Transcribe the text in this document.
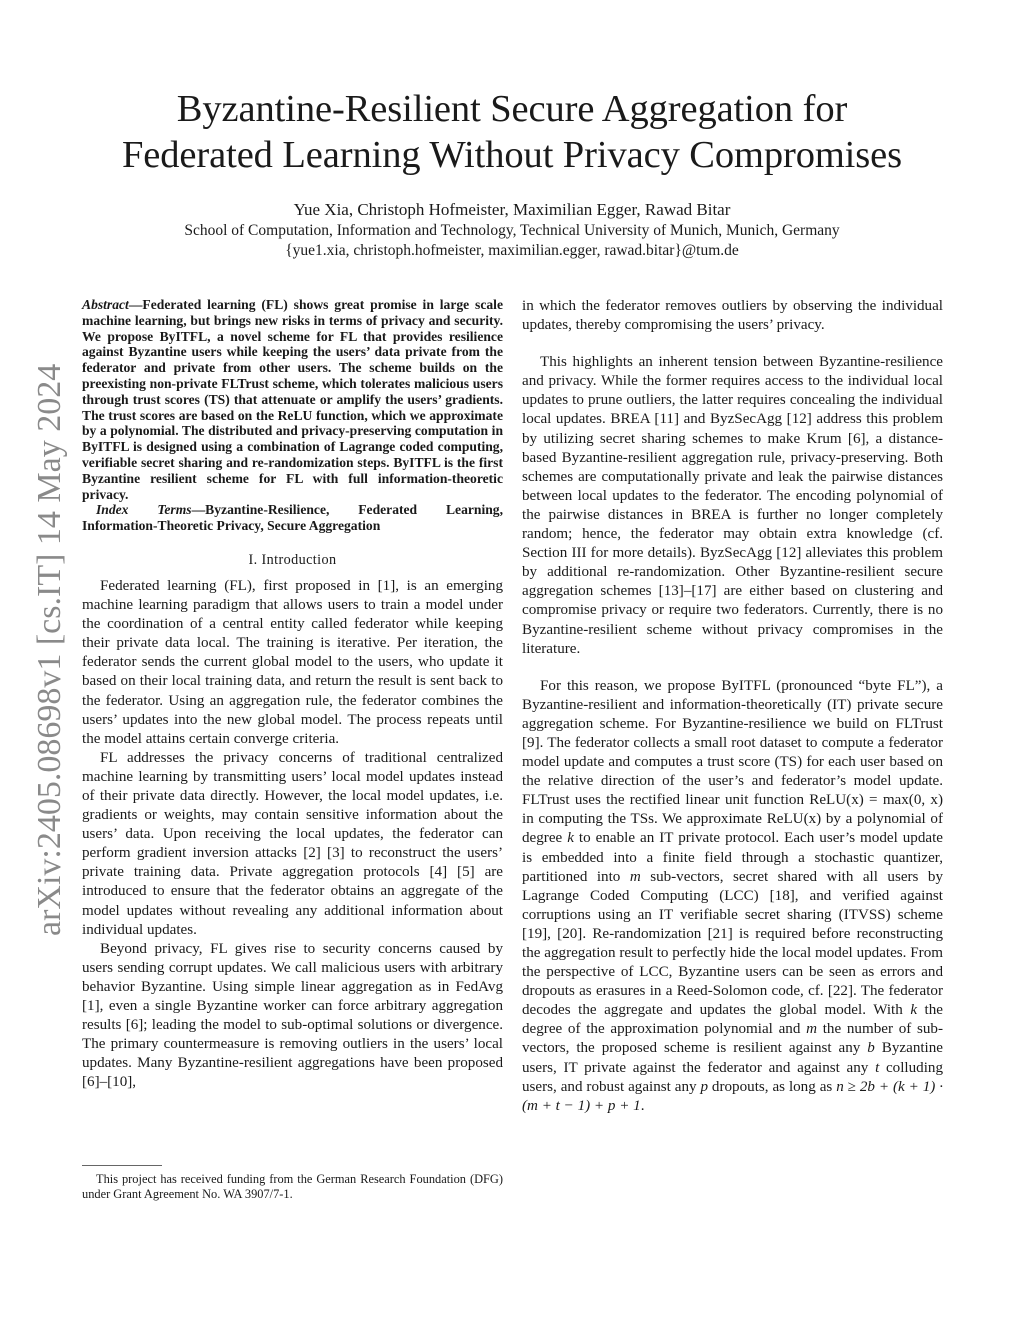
arXiv:2405.08698v1 [cs.IT] 14 May 2024
Byzantine-Resilient Secure Aggregation for
Federated Learning Without Privacy Compromises
Yue Xia, Christoph Hofmeister, Maximilian Egger, Rawad Bitar
School of Computation, Information and Technology, Technical University of Munich, Munich, Germany
{yue1.xia, christoph.hofmeister, maximilian.egger, rawad.bitar}@tum.de

Abstract—Federated learning (FL) shows great promise in large scale machine learning, but brings new risks in terms of privacy and security. We propose ByITFL, a novel scheme for FL that provides resilience against Byzantine users while keeping the users’ data private from the federator and private from other users. The scheme builds on the preexisting non-private FLTrust scheme, which tolerates malicious users through trust scores (TS) that attenuate or amplify the users’ gradients. The trust scores are based on the ReLU function, which we approximate by a polynomial. The distributed and privacy-preserving computation in ByITFL is designed using a combination of Lagrange coded computing, verifiable secret sharing and re-randomization steps. ByITFL is the first Byzantine resilient scheme for FL with full information-theoretic privacy.

Index Terms—Byzantine-Resilience, Federated Learning, Information-Theoretic Privacy, Secure Aggregation

I. Introduction

Federated learning (FL), first proposed in [1], is an emerging machine learning paradigm that allows users to train a model under the coordination of a central entity called federator while keeping their private data local. The training is iterative. Per iteration, the federator sends the current global model to the users, who update it based on their local training data, and return the result is sent back to the federator. Using an aggregation rule, the federator combines the users’ updates into the new global model. The process repeats until the model attains certain converge criteria.

FL addresses the privacy concerns of traditional centralized machine learning by transmitting users’ local model updates instead of their private data directly. However, the local model updates, i.e. gradients or weights, may contain sensitive information about the users’ data. Upon receiving the local updates, the federator can perform gradient inversion attacks [2] [3] to reconstruct the users’ private training data. Private aggregation protocols [4] [5] are introduced to ensure that the federator obtains an aggregate of the model updates without revealing any additional information about individual updates.

Beyond privacy, FL gives rise to security concerns caused by users sending corrupt updates. We call malicious users with arbitrary behavior Byzantine. Using simple linear aggregation as in FedAvg [1], even a single Byzantine worker can force arbitrary aggregation results [6]; leading the model to sub-optimal solutions or divergence. The primary countermeasure is removing outliers in the users’ local updates. Many Byzantine-resilient aggregations have been proposed [6]–[10],

in which the federator removes outliers by observing the individual updates, thereby compromising the users’ privacy.

This highlights an inherent tension between Byzantine-resilience and privacy. While the former requires access to the individual local updates to prune outliers, the latter requires concealing the individual local updates. BREA [11] and ByzSecAgg [12] address this problem by utilizing secret sharing schemes to make Krum [6], a distance-based Byzantine-resilient aggregation rule, privacy-preserving. Both schemes are computationally private and leak the pairwise distances between local updates to the federator. The encoding polynomial of the pairwise distances in BREA is further no longer completely random; hence, the federator may obtain extra knowledge (cf. Section III for more details). ByzSecAgg [12] alleviates this problem by additional re-randomization. Other Byzantine-resilient secure aggregation schemes [13]–[17] are either based on clustering and compromise privacy or require two federators. Currently, there is no Byzantine-resilient scheme without privacy compromises in the literature.

For this reason, we propose ByITFL (pronounced “byte FL”), a Byzantine-resilient and information-theoretically (IT) private secure aggregation scheme. For Byzantine-resilience we build on FLTrust [9]. The federator collects a small root dataset to compute a federator model update and computes a trust score (TS) for each user based on the relative direction of the user’s and federator’s model update. FLTrust uses the rectified linear unit function ReLU(x) = max(0, x) in computing the TSs. We approximate ReLU(x) by a polynomial of degree k to enable an IT private protocol. Each user’s model update is embedded into a finite field through a stochastic quantizer, partitioned into m sub-vectors, secret shared with all users by Lagrange Coded Computing (LCC) [18], and verified against corruptions using an IT verifiable secret sharing (ITVSS) scheme [19], [20]. Re-randomization [21] is required before reconstructing the aggregation result to perfectly hide the local model updates. From the perspective of LCC, Byzantine users can be seen as errors and dropouts as erasures in a Reed-Solomon code, cf. [22]. The federator decodes the aggregate and updates the global model. With k the degree of the approximation polynomial and m the number of sub-vectors, the proposed scheme is resilient against any b Byzantine users, IT private against the federator and against any t colluding users, and robust against any p dropouts, as long as n ≥ 2b + (k + 1) · (m + t − 1) + p + 1.

This project has received funding from the German Research Foundation (DFG) under Grant Agreement No. WA 3907/7-1.
